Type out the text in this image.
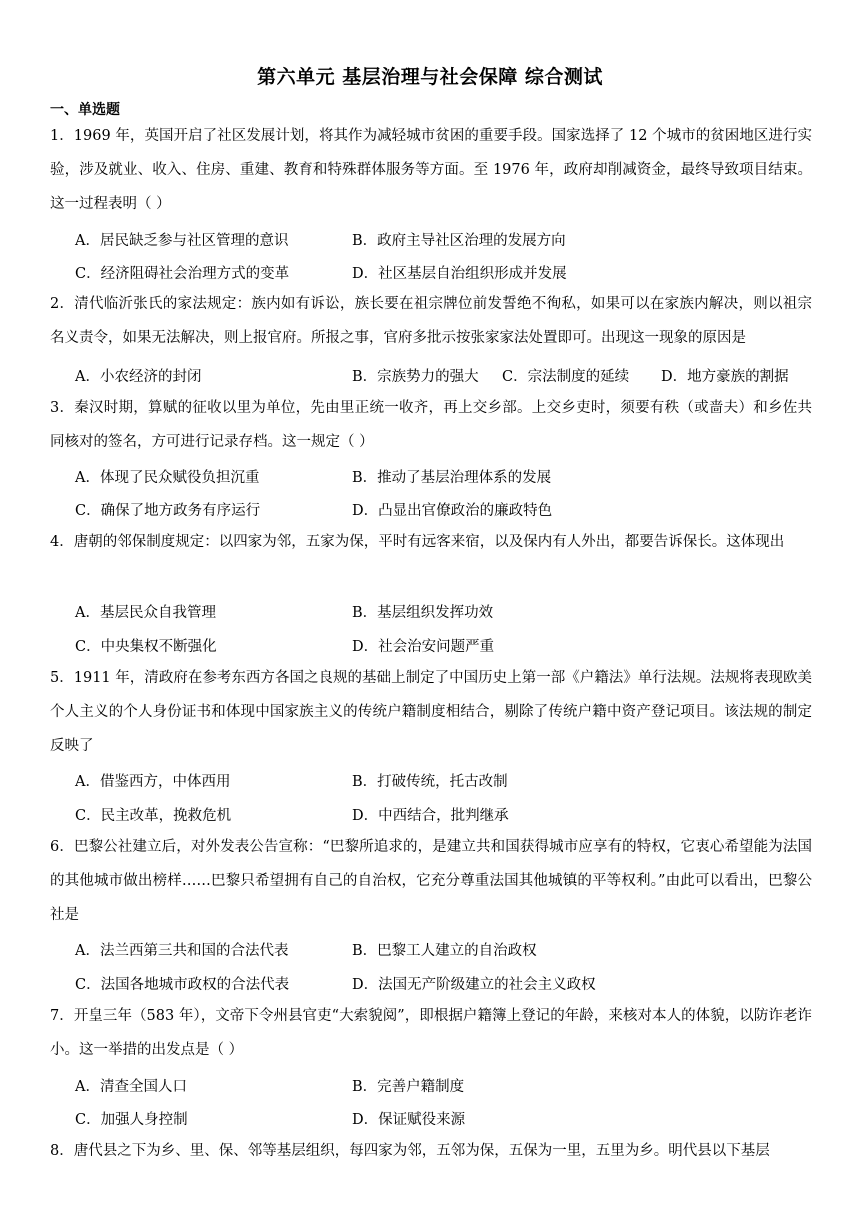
第六单元 基层治理与社会保障 综合测试
一、单选题
1．1969 年，英国开启了社区发展计划，将其作为减轻城市贫困的重要手段。国家选择了 12 个城市的贫困地区进行实验，涉及就业、收入、住房、重建、教育和特殊群体服务等方面。至 1976 年，政府却削减资金，最终导致项目结束。这一过程表明（ ）
A．居民缺乏参与社区管理的意识	B．政府主导社区治理的发展方向
C．经济阻碍社会治理方式的变革	D．社区基层自治组织形成并发展
2．清代临沂张氏的家法规定：族内如有诉讼，族长要在祖宗牌位前发誓绝不徇私，如果可以在家族内解决，则以祖宗名义责令，如果无法解决，则上报官府。所报之事，官府多批示按张家家法处置即可。出现这一现象的原因是
A．小农经济的封闭	B．宗族势力的强大 C．宗法制度的延续 D．地方豪族的割据
3．秦汉时期，算赋的征收以里为单位，先由里正统一收齐，再上交乡部。上交乡吏时，须要有秩（或啬夫）和乡佐共同核对的签名，方可进行记录存档。这一规定（ ）
A．体现了民众赋役负担沉重	B．推动了基层治理体系的发展
C．确保了地方政务有序运行	D．凸显出官僚政治的廉政特色
4．唐朝的邻保制度规定：以四家为邻，五家为保，平时有远客来宿，以及保内有人外出，都要告诉保长。这体现出
A．基层民众自我管理	B．基层组织发挥功效
C．中央集权不断强化	D．社会治安问题严重
5．1911 年，清政府在参考东西方各国之良规的基础上制定了中国历史上第一部《户籍法》单行法规。法规将表现欧美个人主义的个人身份证书和体现中国家族主义的传统户籍制度相结合，剔除了传统户籍中资产登记项目。该法规的制定反映了
A．借鉴西方，中体西用	B．打破传统，托古改制
C．民主改革，挽救危机	D．中西结合，批判继承
6．巴黎公社建立后，对外发表公告宣称：“巴黎所追求的，是建立共和国获得城市应享有的特权，它衷心希望能为法国的其他城市做出榜样……巴黎只希望拥有自己的自治权，它充分尊重法国其他城镇的平等权利。”由此可以看出，巴黎公社是
A．法兰西第三共和国的合法代表	B．巴黎工人建立的自治政权
C．法国各地城市政权的合法代表	D．法国无产阶级建立的社会主义政权
7．开皇三年（583 年），文帝下令州县官吏“大索貌阅”，即根据户籍簿上登记的年龄，来核对本人的体貌，以防诈老诈小。这一举措的出发点是（ ）
A．清查全国人口	B．完善户籍制度
C．加强人身控制	D．保证赋役来源
8．唐代县之下为乡、里、保、邻等基层组织，每四家为邻，五邻为保，五保为一里，五里为乡。明代县以下基层
